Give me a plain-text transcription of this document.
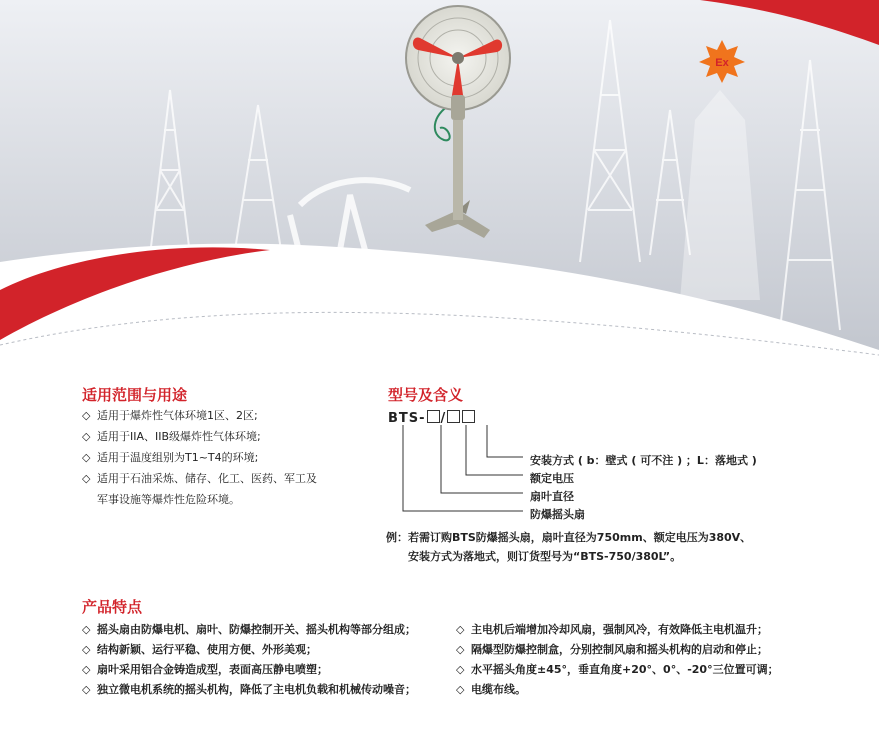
Ex
适用范围与用途
◇ 适用于爆炸性气体环境1区、2区;
◇ 适用于IIA、IIB级爆炸性气体环境;
◇ 适用于温度组别为T1~T4的环境;
◇ 适用于石油采炼、储存、化工、医药、军工及
军事设施等爆炸性危险环境。
型号及含义
BTS- /
安装方式 ( b：壁式 ( 可不注 ) ；L：落地式 )
额定电压
扇叶直径
防爆摇头扇
例：若需订购BTS防爆摇头扇，扇叶直径为750mm、额定电压为380V、
安装方式为落地式，则订货型号为“BTS-750/380L”。
产品特点
◇ 摇头扇由防爆电机、扇叶、防爆控制开关、摇头机构等部分组成；
◇ 结构新颖、运行平稳、使用方便、外形美观；
◇ 扇叶采用铝合金铸造成型，表面高压静电喷塑；
◇ 独立微电机系统的摇头机构，降低了主电机负载和机械传动噪音；
◇ 主电机后端增加冷却风扇，强制风冷，有效降低主电机温升；
◇ 隔爆型防爆控制盒，分别控制风扇和摇头机构的启动和停止；
◇ 水平摇头角度±45°，垂直角度+20°、0°、-20°三位置可调；
◇ 电缆布线。
